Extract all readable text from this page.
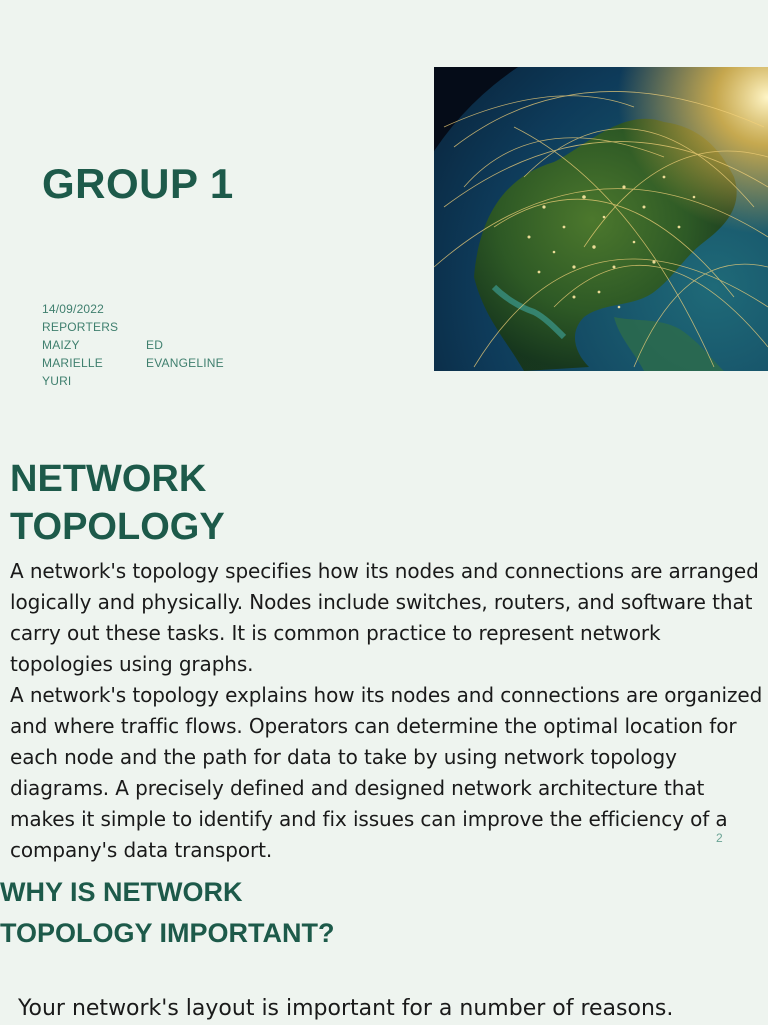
GROUP 1
14/09/2022
REPORTERS
MAIZY	ED
MARIELLE	EVANGELINE
YURI
NETWORK
TOPOLOGY

A network's topology specifies how its nodes and connections are arranged logically and physically. Nodes include switches, routers, and software that carry out these tasks. It is common practice to represent network topologies using graphs.

A network's topology explains how its nodes and connections are organized and where traffic flows. Operators can determine the optimal location for each node and the path for data to take by using network topology diagrams. A precisely defined and designed network architecture that makes it simple to identify and fix issues can improve the efficiency of a company's data transport.	2
WHY IS NETWORK
TOPOLOGY IMPORTANT?
Your network's layout is important for a number of reasons.
